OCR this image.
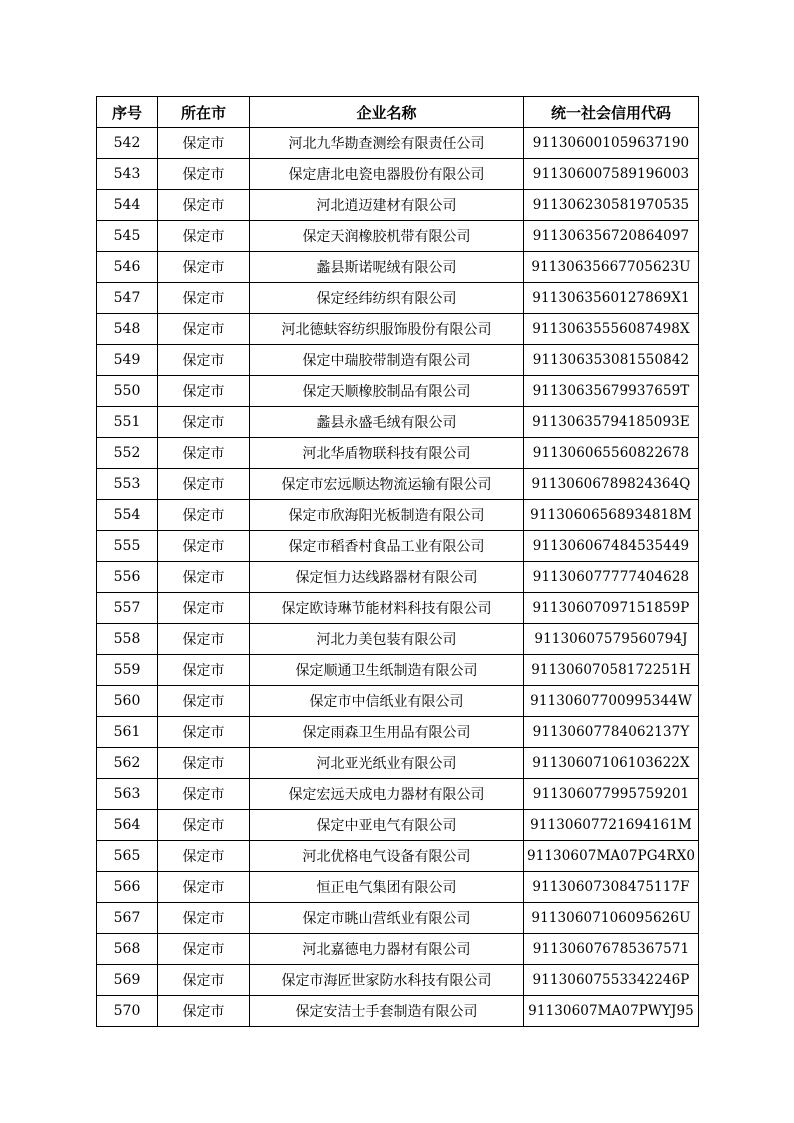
序号	所在市	企业名称	统一社会信用代码
542	保定市	河北九华勘查测绘有限责任公司	911306001059637190
543	保定市	保定唐北电瓷电器股份有限公司	911306007589196003
544	保定市	河北逍迈建材有限公司	911306230581970535
545	保定市	保定天润橡胶机带有限公司	911306356720864097
546	保定市	蠡县斯诺呢绒有限公司	91130635667705623U
547	保定市	保定经纬纺织有限公司	9113063560127869X1
548	保定市	河北德蚨容纺织服饰股份有限公司	91130635556087498X
549	保定市	保定中瑞胶带制造有限公司	911306353081550842
550	保定市	保定天顺橡胶制品有限公司	91130635679937659T
551	保定市	蠡县永盛毛绒有限公司	91130635794185093E
552	保定市	河北华盾物联科技有限公司	911306065560822678
553	保定市	保定市宏远顺达物流运输有限公司	91130606789824364Q
554	保定市	保定市欣海阳光板制造有限公司	91130606568934818M
555	保定市	保定市稻香村食品工业有限公司	911306067484535449
556	保定市	保定恒力达线路器材有限公司	911306077777404628
557	保定市	保定欧诗琳节能材料科技有限公司	91130607097151859P
558	保定市	河北力美包装有限公司	91130607579560794J
559	保定市	保定顺通卫生纸制造有限公司	91130607058172251H
560	保定市	保定市中信纸业有限公司	91130607700995344W
561	保定市	保定雨森卫生用品有限公司	91130607784062137Y
562	保定市	河北亚光纸业有限公司	91130607106103622X
563	保定市	保定宏远天成电力器材有限公司	911306077995759201
564	保定市	保定中亚电气有限公司	91130607721694161M
565	保定市	河北优格电气设备有限公司	91130607MA07PG4RX0
566	保定市	恒正电气集团有限公司	91130607308475117F
567	保定市	保定市眺山营纸业有限公司	91130607106095626U
568	保定市	河北嘉德电力器材有限公司	911306076785367571
569	保定市	保定市海匠世家防水科技有限公司	91130607553342246P
570	保定市	保定安洁士手套制造有限公司	91130607MA07PWYJ95
